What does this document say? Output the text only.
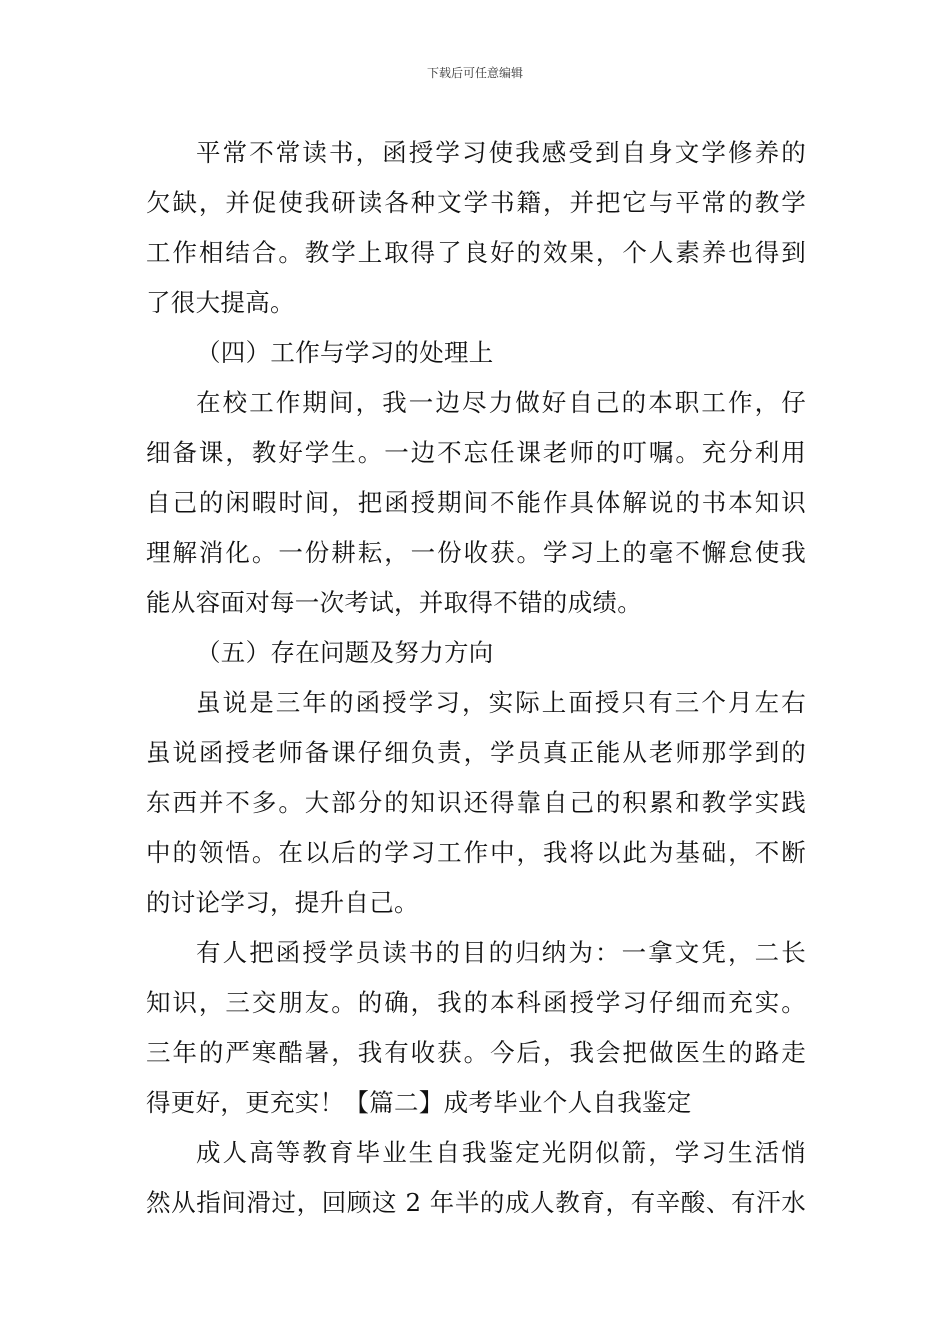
下载后可任意编辑
平常不常读书，函授学习使我感受到自身文学修养的
欠缺，并促使我研读各种文学书籍，并把它与平常的教学
工作相结合。教学上取得了良好的效果，个人素养也得到
了很大提高。
（四）工作与学习的处理上
在校工作期间，我一边尽力做好自己的本职工作，仔
细备课，教好学生。一边不忘任课老师的叮嘱。充分利用
自己的闲暇时间，把函授期间不能作具体解说的书本知识
理解消化。一份耕耘，一份收获。学习上的毫不懈怠使我
能从容面对每一次考试，并取得不错的成绩。
（五）存在问题及努力方向
虽说是三年的函授学习，实际上面授只有三个月左右
虽说函授老师备课仔细负责，学员真正能从老师那学到的
东西并不多。大部分的知识还得靠自己的积累和教学实践
中的领悟。在以后的学习工作中，我将以此为基础，不断
的讨论学习，提升自己。
有人把函授学员读书的目的归纳为：一拿文凭，二长
知识，三交朋友。的确，我的本科函授学习仔细而充实。
三年的严寒酷暑，我有收获。今后，我会把做医生的路走
得更好，更充实！【篇二】成考毕业个人自我鉴定
成人高等教育毕业生自我鉴定光阴似箭，学习生活悄
然从指间滑过，回顾这 2 年半的成人教育，有辛酸、有汗水
